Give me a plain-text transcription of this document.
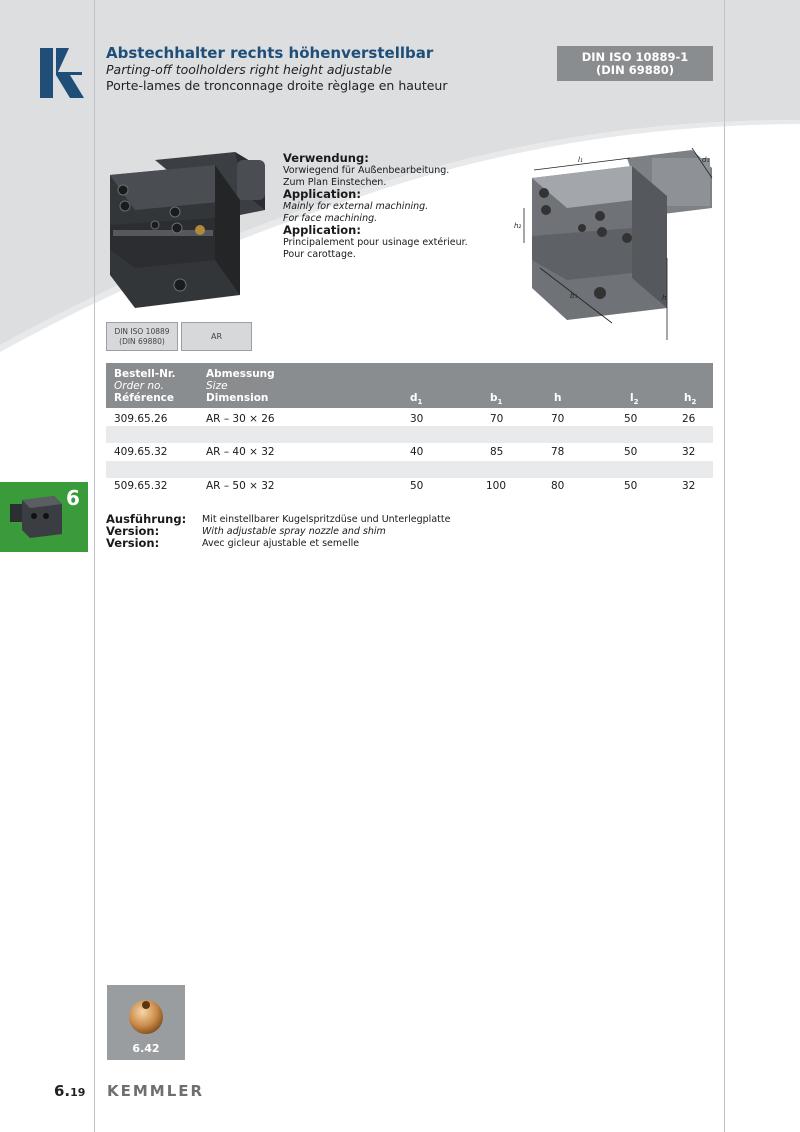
Abstechhalter rechts höhenverstellbar
Parting-off toolholders right height adjustable
Porte-lames de tronconnage droite règlage en hauteur
DIN ISO 10889-1
(DIN 69880)
Verwendung:
Vorwiegend für Außenbearbeitung.
Zum Plan Einstechen.
Application:
Mainly for external machining.
For face machining.
Application:
Principalement pour usinage extérieur.
Pour carottage.
l₁	d₁
h₂
b₁	h
DIN ISO 10889
(DIN 69880)	AR
Bestell-Nr.
Order no.
Référence
Abmessung
Size
Dimension	$d_1$	$b_1$	h	$l_2$	$h_2$
309.65.26	AR – 30 × 26	30	70	70	50	26
409.65.32	AR – 40 × 32	40	85	78	50	32
509.65.32	AR – 50 × 32	50	100	80	50	32
Ausführung: Mit einstellbarer Kugelspritzdüse und Unterlegplatte
Version:	With adjustable spray nozzle and shim
Version:	Avec gicleur ajustable et semelle
6
6.42
6.19 KEMMLER
